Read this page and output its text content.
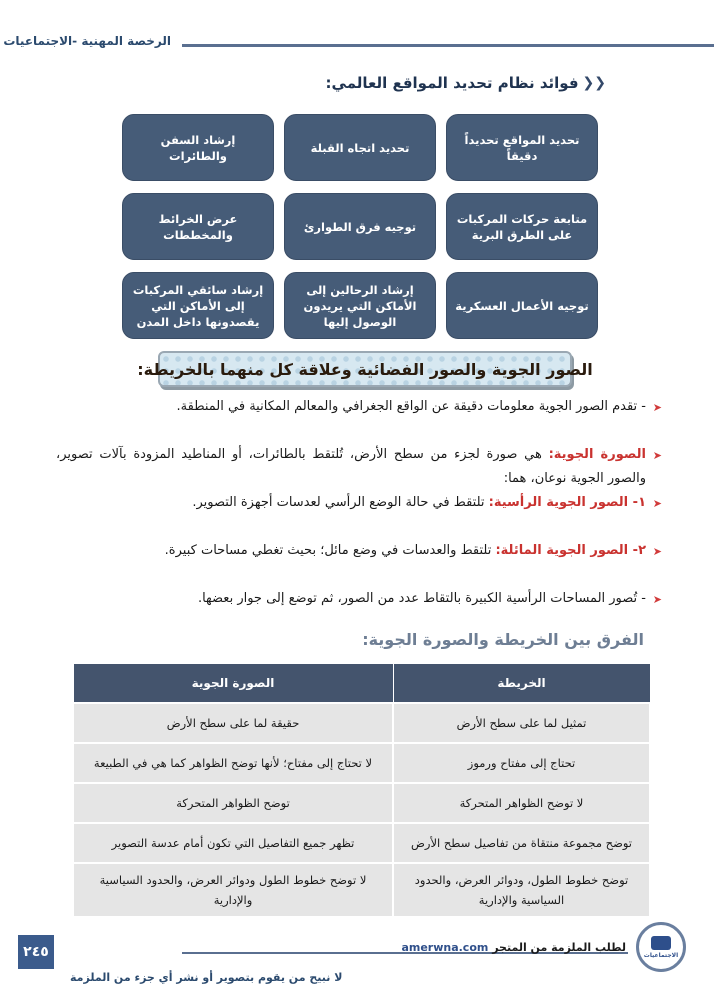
الرخصة المهنية -الاجتماعيات
❮❮
فوائد نظام تحديد المواقع العالمي:
تحديد المواقع تحديداً دقيقاً
تحديد اتجاه القبلة
إرشاد السفن والطائرات
متابعة حركات المركبات على الطرق البرية
توجيه فرق الطوارئ
عرض الخرائط والمخططات
توجيه الأعمال العسكرية
إرشاد الرحالين إلى الأماكن التي يريدون الوصول إليها
إرشاد سائقي المركبات إلى الأماكن التي يقصدونها داخل المدن
الصور الجوية والصور الفضائية وعلاقة كل منهما بالخريطة:
➤
- تقدم الصور الجوية معلومات دقيقة عن الواقع الجغرافي والمعالم المكانية في المنطقة.
➤
الصورة الجوية: هي صورة لجزء من سطح الأرض، تُلتقط بالطائرات، أو المناطيد المزودة بآلات تصوير، والصور الجوية نوعان، هما:
➤
١- الصور الجوية الرأسية: تلتقط في حالة الوضع الرأسي لعدسات أجهزة التصوير.
➤
٢- الصور الجوية المائلة: تلتقط والعدسات في وضع مائل؛ بحيث تغطي مساحات كبيرة.
➤
- تُصور المساحات الرأسية الكبيرة بالتقاط عدد من الصور، ثم توضع إلى جوار بعضها.
الفرق بين الخريطة والصورة الجوية:
الخريطة	الصورة الجوية
تمثيل لما على سطح الأرض	حقيقة لما على سطح الأرض
تحتاج إلى مفتاح ورموز	لا تحتاج إلى مفتاح؛ لأنها توضح الظواهر كما هي في الطبيعة
لا توضح الظواهر المتحركة	توضح الظواهر المتحركة
توضح مجموعة منتقاة من تفاصيل سطح الأرض	تظهر جميع التفاصيل التي تكون أمام عدسة التصوير
توضح خطوط الطول، ودوائر العرض، والحدود السياسية والإدارية	لا توضح خطوط الطول ودوائر العرض، والحدود السياسية والإدارية
٢٤٥	لطلب الملزمة من المتجر amerwna.com
لا نبيح من يقوم بتصوير أو نشر أي جزء من الملزمة
الاجتماعيات
